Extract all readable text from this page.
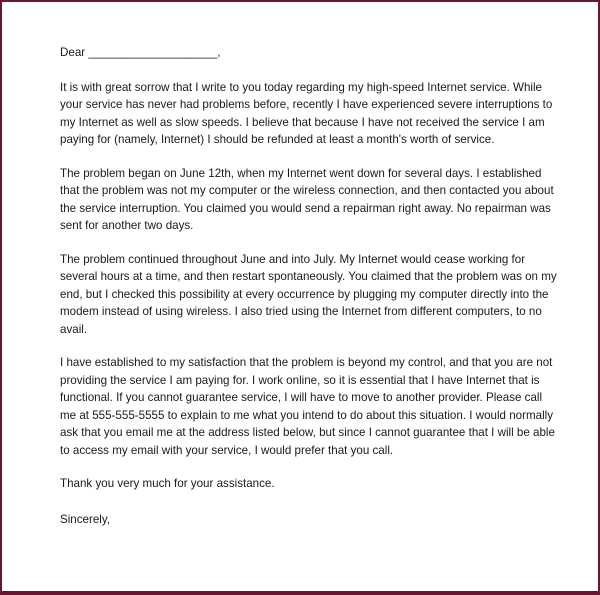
Dear ____________________,

It is with great sorrow that I write to you today regarding my high-speed Internet service. While your service has never had problems before, recently I have experienced severe interruptions to my Internet as well as slow speeds. I believe that because I have not received the service I am paying for (namely, Internet) I should be refunded at least a month's worth of service.

The problem began on June 12th, when my Internet went down for several days. I established that the problem was not my computer or the wireless connection, and then contacted you about the service interruption. You claimed you would send a repairman right away. No repairman was sent for another two days.

The problem continued throughout June and into July. My Internet would cease working for several hours at a time, and then restart spontaneously. You claimed that the problem was on my end, but I checked this possibility at every occurrence by plugging my computer directly into the modem instead of using wireless. I also tried using the Internet from different computers, to no avail.

I have established to my satisfaction that the problem is beyond my control, and that you are not providing the service I am paying for. I work online, so it is essential that I have Internet that is functional. If you cannot guarantee service, I will have to move to another provider. Please call me at 555-555-5555 to explain to me what you intend to do about this situation. I would normally ask that you email me at the address listed below, but since I cannot guarantee that I will be able to access my email with your service, I would prefer that you call.

Thank you very much for your assistance.

Sincerely,
